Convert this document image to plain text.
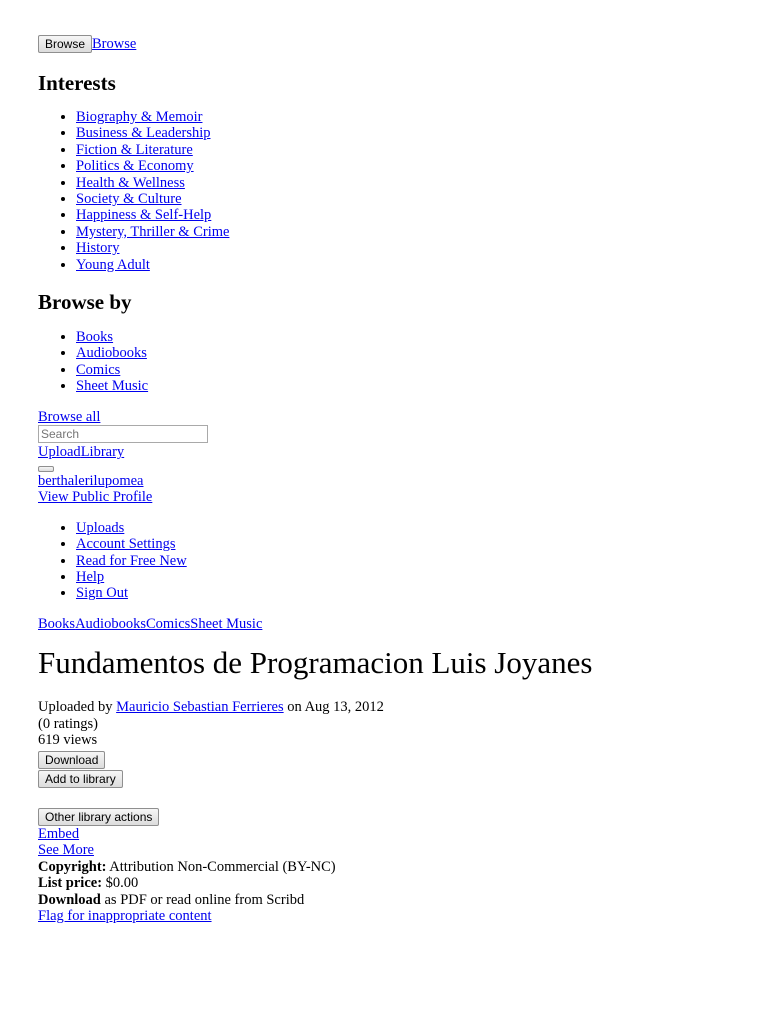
Browse Browse
Interests
• Biography & Memoir
• Business & Leadership
• Fiction & Literature
• Politics & Economy
• Health & Wellness
• Society & Culture
• Happiness & Self-Help
• Mystery, Thriller & Crime
• History
• Young Adult
Browse by
• Books
• Audiobooks
• Comics
• Sheet Music
Browse all
Search
UploadLibrary
berthalerilupomea
View Public Profile
• Uploads
• Account Settings
• Read for Free New
• Help
• Sign Out
BooksAudiobooksComicsSheet Music
Fundamentos de Programacion Luis Joyanes
Uploaded by Mauricio Sebastian Ferrieres on Aug 13, 2012
(0 ratings)
619 views
Download
Add to library
Other library actions
Embed
See More
Copyright: Attribution Non-Commercial (BY-NC)
List price: $0.00
Download as PDF or read online from Scribd
Flag for inappropriate content
